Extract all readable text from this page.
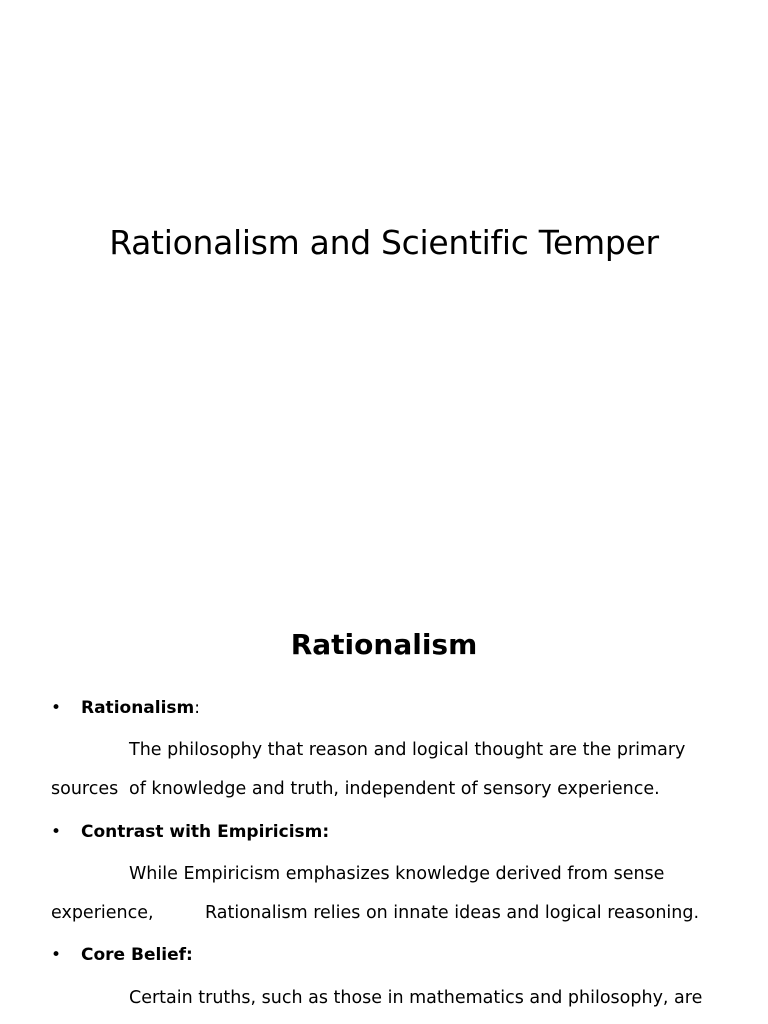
Rationalism and Scientific Temper
Rationalism
• Rationalism:
The philosophy that reason and logical thought are the primary
sources of knowledge and truth, independent of sensory experience.
• Contrast with Empiricism:
While Empiricism emphasizes knowledge derived from sense
experience,	Rationalism relies on innate ideas and logical reasoning.
• Core Belief:
Certain truths, such as those in mathematics and philosophy, are
